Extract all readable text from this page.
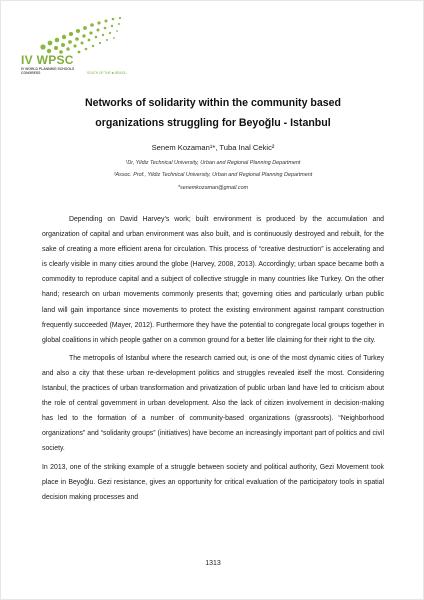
IV WPSC
IV WORLD PLANNING SCHOOLS CONGRESS	SOUTH OF THE ✱ BRAZIL
Networks of solidarity within the community based
organizations struggling for Beyoğlu - Istanbul
Senem Kozaman¹*, Tuba Inal Cekic²
¹Dr, Yildiz Technical University, Urban and Regional Planning Department
²Assoc. Prof., Yildiz Technical University, Urban and Regional Planning Department
*senemkozaman@gmail.com

Depending on David Harvey’s work; built environment is produced by the accumulation and organization of capital and urban environment was also built, and is continuously destroyed and rebuilt, for the sake of creating a more efficient arena for circulation. This process of “creative destruction” is accelerating and is clearly visible in many cities around the globe (Harvey, 2008, 2013). Accordingly; urban space became both a commodity to reproduce capital and a subject of collective struggle in many countries like Turkey. On the other hand; research on urban movements commonly presents that; governing cities and particularly urban public land will gain importance since movements to protect the existing environment against rampant construction frequently succeeded (Mayer, 2012). Furthermore they have the potential to congregate local groups together in global coalitions in which people gather on a common ground for a better life claiming for their right to the city.

The metropolis of Istanbul where the research carried out, is one of the most dynamic cities of Turkey and also a city that these urban re-development politics and struggles revealed itself the most. Considering Istanbul, the practices of urban transformation and privatization of public urban land have led to criticism about the role of central government in urban development. Also the lack of citizen involvement in decision-making has led to the formation of a number of community-based organizations (grassroots). “Neighborhood organizations” and “solidarity groups” (initiatives) have become an increasingly important part of politics and civil society.

In 2013, one of the striking example of a struggle between society and political authority, Gezi Movement took place in Beyoğlu. Gezi resistance, gives an opportunity for critical evaluation of the participatory tools in spatial decision making processes and

1313
